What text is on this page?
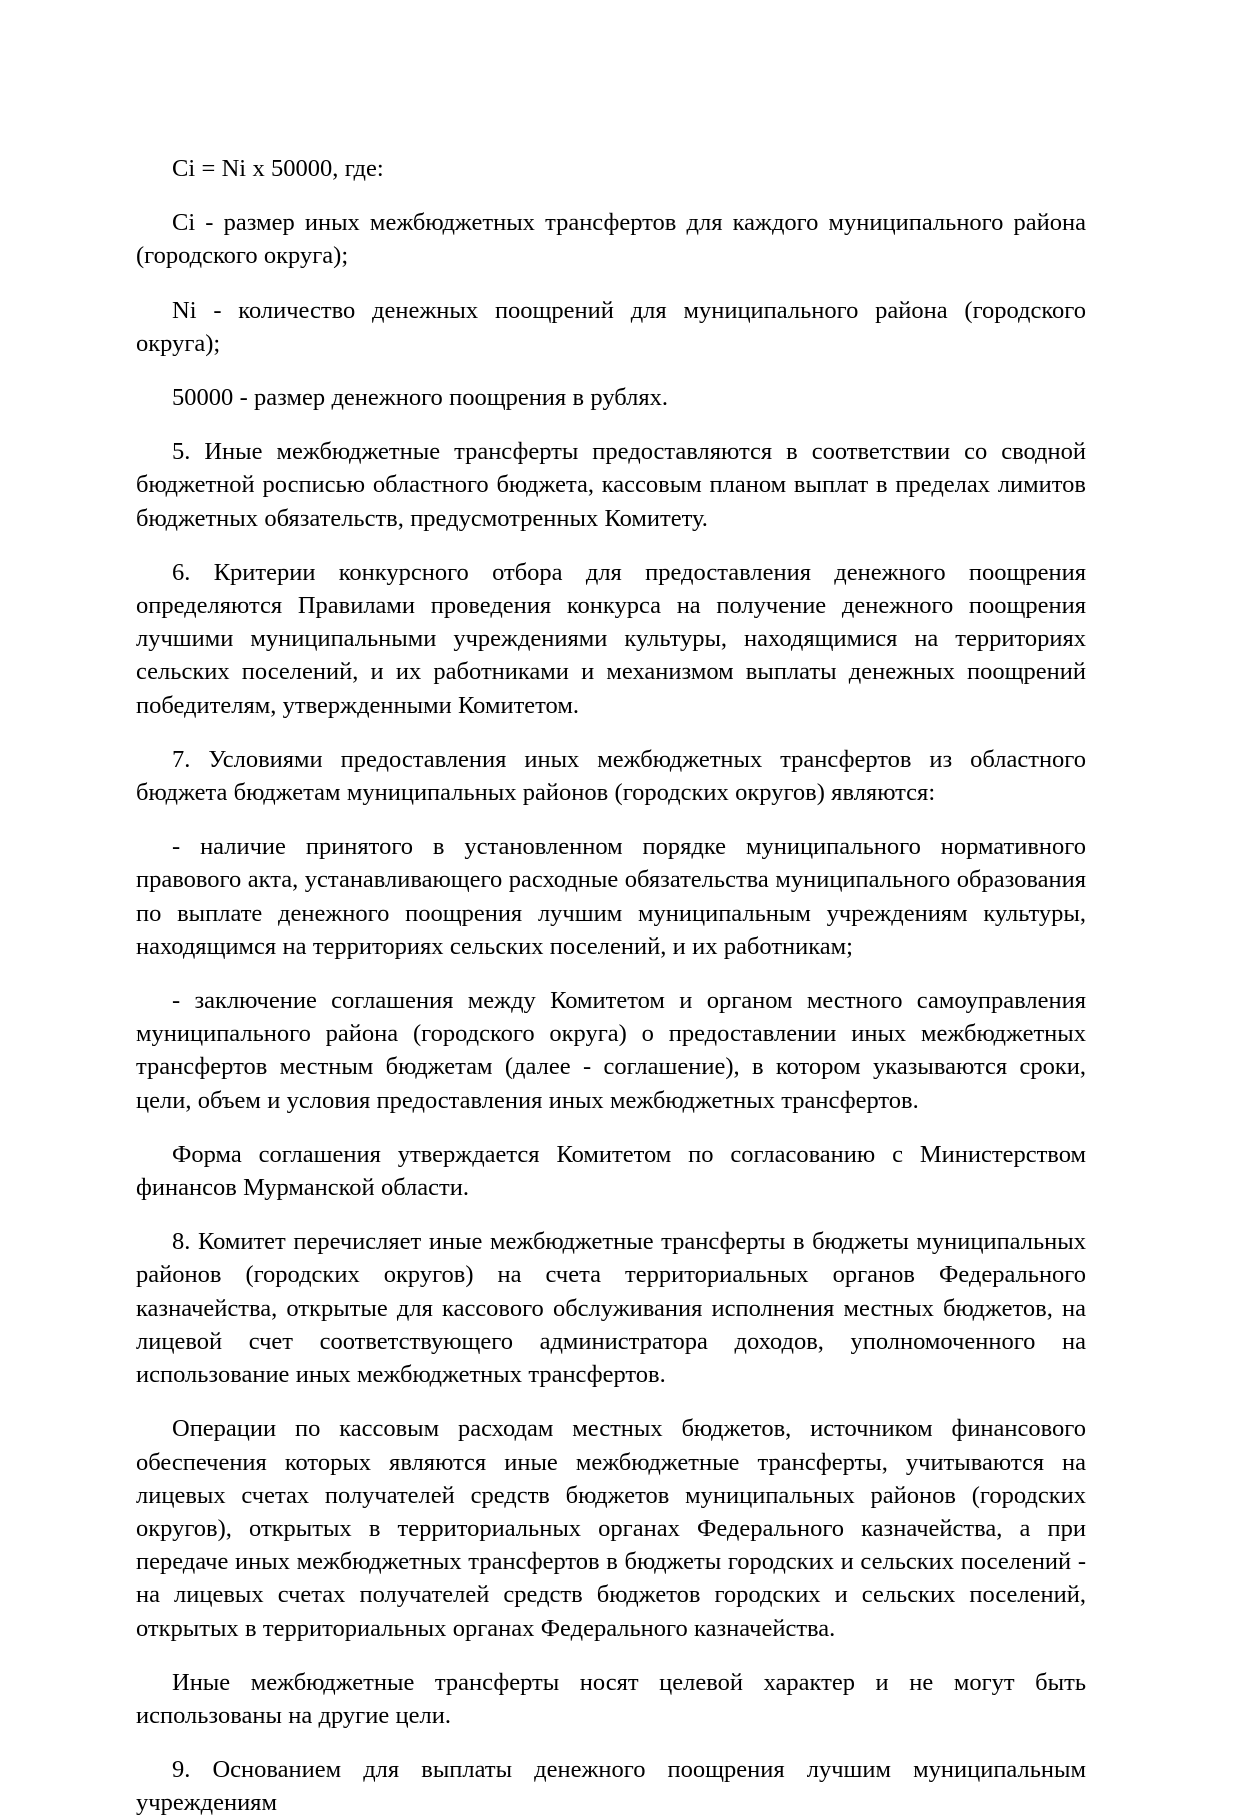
Ci = Ni x 50000, где:

Ci - размер иных межбюджетных трансфертов для каждого муниципального района (городского округа);

Ni - количество денежных поощрений для муниципального района (городского округа);

50000 - размер денежного поощрения в рублях.

5. Иные межбюджетные трансферты предоставляются в соответствии со сводной бюджетной росписью областного бюджета, кассовым планом выплат в пределах лимитов бюджетных обязательств, предусмотренных Комитету.

6. Критерии конкурсного отбора для предоставления денежного поощрения определяются Правилами проведения конкурса на получение денежного поощрения лучшими муниципальными учреждениями культуры, находящимися на территориях сельских поселений, и их работниками и механизмом выплаты денежных поощрений победителям, утвержденными Комитетом.

7. Условиями предоставления иных межбюджетных трансфертов из областного бюджета бюджетам муниципальных районов (городских округов) являются:

- наличие принятого в установленном порядке муниципального нормативного правового акта, устанавливающего расходные обязательства муниципального образования по выплате денежного поощрения лучшим муниципальным учреждениям культуры, находящимся на территориях сельских поселений, и их работникам;

- заключение соглашения между Комитетом и органом местного самоуправления муниципального района (городского округа) о предоставлении иных межбюджетных трансфертов местным бюджетам (далее - соглашение), в котором указываются сроки, цели, объем и условия предоставления иных межбюджетных трансфертов.

Форма соглашения утверждается Комитетом по согласованию с Министерством финансов Мурманской области.

8. Комитет перечисляет иные межбюджетные трансферты в бюджеты муниципальных районов (городских округов) на счета территориальных органов Федерального казначейства, открытые для кассового обслуживания исполнения местных бюджетов, на лицевой счет соответствующего администратора доходов, уполномоченного на использование иных межбюджетных трансфертов.

Операции по кассовым расходам местных бюджетов, источником финансового обеспечения которых являются иные межбюджетные трансферты, учитываются на лицевых счетах получателей средств бюджетов муниципальных районов (городских округов), открытых в территориальных органах Федерального казначейства, а при передаче иных межбюджетных трансфертов в бюджеты городских и сельских поселений - на лицевых счетах получателей средств бюджетов городских и сельских поселений, открытых в территориальных органах Федерального казначейства.

Иные межбюджетные трансферты носят целевой характер и не могут быть использованы на другие цели.

9. Основанием для выплаты денежного поощрения лучшим муниципальным учреждениям
